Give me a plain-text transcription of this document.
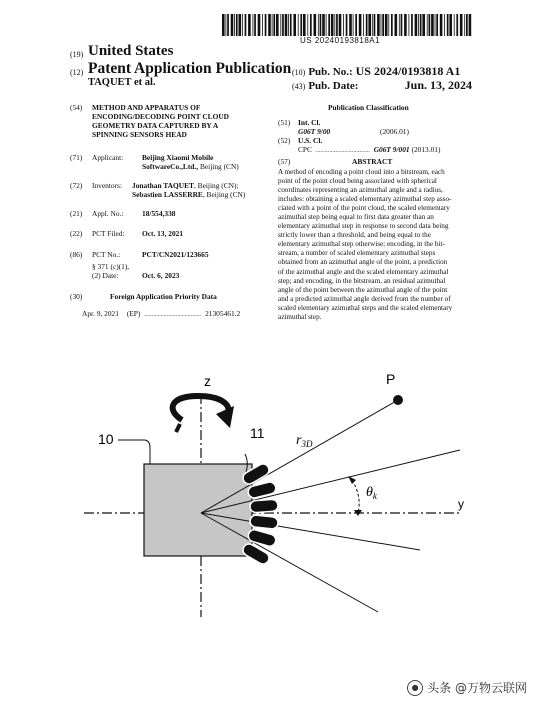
US 20240193818A1
(19) United States
(12) Patent Application Publication
TAQUET et al.
(10) Pub. No.: US 2024/0193818 A1
(43) Pub. Date:	Jun. 13, 2024
(54) METHOD AND APPARATUS OF
ENCODING/DECODING POINT CLOUD
GEOMETRY DATA CAPTURED BY A
SPINNING SENSORS HEAD
(71) Applicant:	Beijing Xiaomi Mobile
SoftwareCo.,Ltd., Beijing (CN)
(72) Inventors: Jonathan TAQUET, Beijing (CN);
Sebastien LASSERRE, Beijing (CN)
(21) Appl. No.:	18/554,338
(22) PCT Filed: Oct. 13, 2021
(86) PCT No.:	PCT/CN2021/123665
§ 371 (c)(1),
(2) Date:	Oct. 6, 2023
(30)	Foreign Application Priority Data
Apr. 9, 2021 (EP) ...................................... 21305461.2
Publication Classification
(51) Int. Cl.
G06T 9/00	(2006.01)
(52) U.S. Cl.
CPC .................................... G06T 9/001 (2013.01)
(57)	ABSTRACT
A method of encoding a point cloud into a bitstream, each
point of the point cloud being associated with spherical
coordinates representing an azimuthal angle and a radius,
includes: obtaining a scaled elementary azimuthal step asso-
ciated with a point of the point cloud, the scaled elementary
azimuthal step being equal to first data greater than an
elementary azimuthal step in response to second data being
strictly lower than a threshold, and being equal to the
elementary azimuthal step otherwise; encoding, in the bit-
stream, a number of scaled elementary azimuthal steps
obtained from an azimuthal angle of the point, a prediction
of the azimuthal angle and the scaled elementary azimuthal
step; and encoding, in the bitstream, an residual azimuthal
angle of the point between the azimuthal angle of the point
and a predicted azimuthal angle derived from the number of
scaled elementary azimuthal steps and the scaled elementary
azimuthal step.
z
y
P
10	11 $r_{3D}$
$\theta_k$
● 头条 @万物云联网
